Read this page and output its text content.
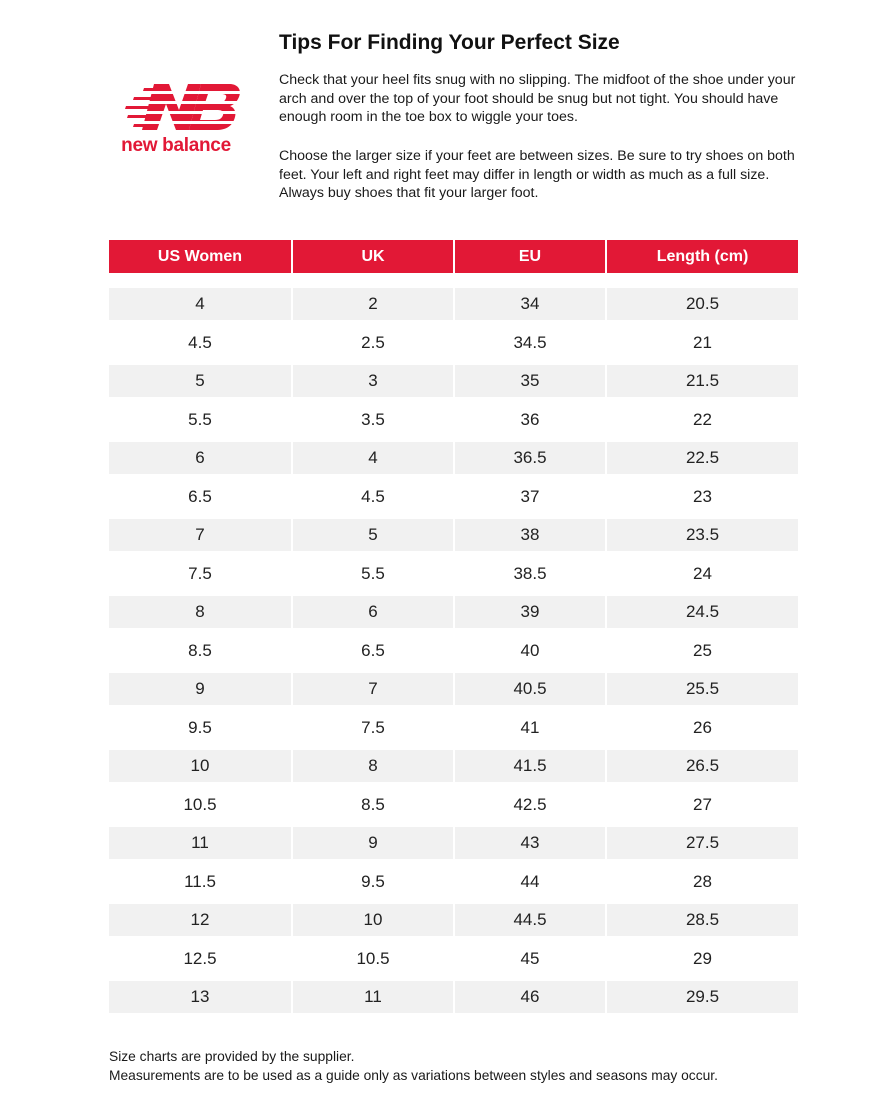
new balance
Tips For Finding Your Perfect Size

Check that your heel fits snug with no slipping. The midfoot of the shoe under your arch and over the top of your foot should be snug but not tight. You should have enough room in the toe box to wiggle your toes.

Choose the larger size if your feet are between sizes. Be sure to try shoes on both feet. Your left and right feet may differ in length or width as much as a full size. Always buy shoes that fit your larger foot.

US Women	UK	EU	Length (cm)
4	2	34	20.5
4.5	2.5	34.5	21
5	3	35	21.5
5.5	3.5	36	22
6	4	36.5	22.5
6.5	4.5	37	23
7	5	38	23.5
7.5	5.5	38.5	24
8	6	39	24.5
8.5	6.5	40	25
9	7	40.5	25.5
9.5	7.5	41	26
10	8	41.5	26.5
10.5	8.5	42.5	27
11	9	43	27.5
11.5	9.5	44	28
12	10	44.5	28.5
12.5	10.5	45	29
13	11	46	29.5

Size charts are provided by the supplier.
Measurements are to be used as a guide only as variations between styles and seasons may occur.
